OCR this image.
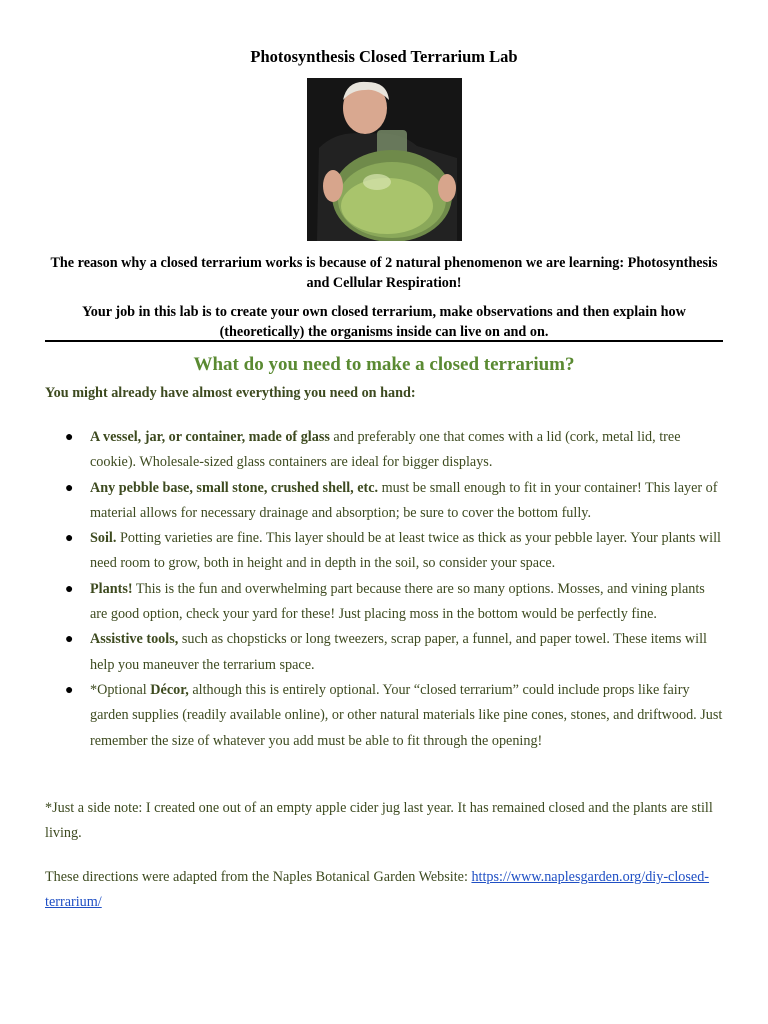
Photosynthesis Closed Terrarium Lab
The reason why a closed terrarium works is because of 2 natural phenomenon we are learning: Photosynthesis and Cellular Respiration!
Your job in this lab is to create your own closed terrarium, make observations and then explain how (theoretically) the organisms inside can live on and on.
What do you need to make a closed terrarium?
You might already have almost everything you need on hand:
● A vessel, jar, or container, made of glass and preferably one that comes with a lid (cork, metal lid, tree cookie). Wholesale-sized glass containers are ideal for bigger displays.
● Any pebble base, small stone, crushed shell, etc. must be small enough to fit in your container! This layer of material allows for necessary drainage and absorption; be sure to cover the bottom fully.
● Soil. Potting varieties are fine. This layer should be at least twice as thick as your pebble layer. Your plants will need room to grow, both in height and in depth in the soil, so consider your space.
● Plants! This is the fun and overwhelming part because there are so many options. Mosses, and vining plants are good option, check your yard for these! Just placing moss in the bottom would be perfectly fine.
● Assistive tools, such as chopsticks or long tweezers, scrap paper, a funnel, and paper towel. These items will help you maneuver the terrarium space.
● *Optional Décor, although this is entirely optional. Your “closed terrarium” could include props like fairy garden supplies (readily available online), or other natural materials like pine cones, stones, and driftwood. Just remember the size of whatever you add must be able to fit through the opening!
*Just a side note: I created one out of an empty apple cider jug last year. It has remained closed and the plants are still living.
These directions were adapted from the Naples Botanical Garden Website: https://www.naplesgarden.org/diy-closed-terrarium/
